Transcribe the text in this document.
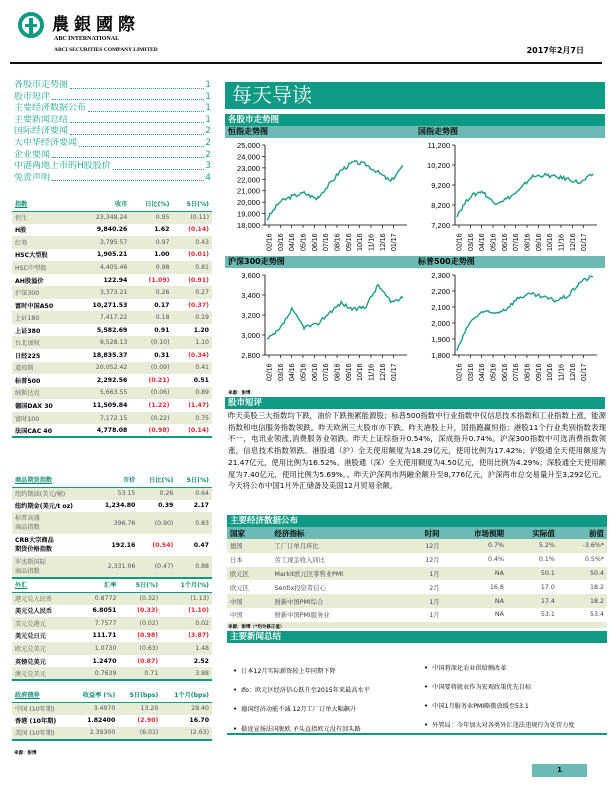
農銀國際
ABC INTERNATIONAL
ABCI SECURITIES COMPANY LIMITED	2017年2月7日
各股市走势图	1
股市短评	1
主要经济数据公布	1
主要新闻总结	1
国际经济要闻	2
大中华经济要闻	2
企业要闻	2
中港两地上市的H股股价	3
免责声明	4
指数	收市	日比(%)	5日(%)
恒生	23,348.24	0.95	(0.11)
H股	9,840.26	1.62	(0.14)
红筹	3,795.57	0.97	0.43
HSC大型股	1,905.21	1.00	(0.01)
HSC中型股	4,405.46	0.98	0.81
AH股溢价	122.94	(1.09)	(0.91)
沪深300	3,373.21	0.26	0.27
富时中国A50	10,271.53	0.17	(0.37)
上证180	7,417.22	0.18	0.19
上证380	5,582.69	0.91	1.20
台北加权	9,528.13	(0.10)	1.10
日经225	18,835.37	0.31	(0.34)
道琼斯	20,052.42	(0.09)	0.41
标普500	2,292.56	(0.21)	0.51
纳斯达克	5,663.55	(0.06)	0.89
德国DAX 30	11,509.84	(1.22)	(1.47)
富时100	7,172.15	(0.22)	0.75
法国CAC 40	4,778.08	(0.98)	(0.14)
商品期货指数	市价	日比(%)	5日(%)
纽约期油(美元/桶)	53.15	0.26	0.64
纽约期金(美元/t oz)	1,234.80	0.39	2.17
标普高盛
商品指数	396.76	(0.90)	0.83
CRB大宗商品
期货价格指数	192.16	(0.54)	0.47
罗杰斯国际
商品指数	2,331.06	(0.47)	0.88
外汇	汇率	5日(%)	1个月(%)
港元兑人民币	0.8772	(0.32)	(1.13)
美元兑人民币	6.8051	(0.33)	(1.10)
美元兑港元	7.7577	(0.02)	0.02
美元兑日元	111.71	(0.98)	(3.87)
欧元兑美元	1.0730	(0.63)	1.48
英镑兑美元	1.2470	(0.87)	2.52
澳元兑美元	0.7639	0.71	3.88
政府债券	收益率 (%)	5日(bps)	1个月(bps)
中国 (10年期)	3.4970	13.20	28.40
香港 (10年期)	1.82400	(2.90)	16.70
美国 (10年期)	2.39300	(6.01)	(2.63)
来源：彭博
每天导读
各股市走势图
恒指走势图	国指走势图
18,000
19,000
20,000
21,000
22,000
23,000
24,000
25,000
02/16 03/16 04/16 05/16 06/16 07/16 08/16 09/16 10/16 11/16 12/16 01/17
7,200
8,200
9,200
10,200
11,200
02/16 03/16 04/16 05/16 06/16 07/16 08/16 09/16 10/16 11/16 12/16 01/17
沪深300走势图	标普500走势图
2,800
3,000
3,200
3,400
3,600
02/16 03/16 04/16 05/16 06/16 07/16 08/16 09/16 10/16 11/16 12/16 01/17
1,800
1,900
2,000
2,100
2,200
2,300
02/16 03/16 04/16 05/16 06/16 07/16 08/16 09/16 10/16 11/16 12/16 01/17
来源：彭博
股市短评
昨天美股三大指数均下跌，油价下跌拖累能源股；标普500指数中行业指数中仅信息技术指数和工业指数上涨，能源指数和电信服务指数领跌。昨天欧洲三大股市亦下跌。昨天港股上升，国指跑赢恒指；港股11个行业类别指数表现不一，电讯业领涨,消费服务业领跌。昨天上证综指升0.54%，深成指升0.74%。沪深300指数中可选消费指数领涨，信息技术指数领跌。港股通（沪）全天使用额度为18.29亿元，使用比例为17.42%；沪股通全天使用额度为21.47亿元，使用比例为16.52%。港股通（深）全天使用额度为4.50亿元，使用比例为4.29%；深股通全天使用额度为7.40亿元，使用比例为5.69%。。昨天沪深两市两融余额升至8,776亿元，沪深两市总交易量升至3,292亿元。今天将公布中国1月外汇储备及美国12月贸易余额。
主要经济数据公布
国家	经济指标	时间	市场预期	实际值	前值
德国	工厂订单月环比	12月	0.7%	5.2%	-3.6%*
日本	劳工现金收入同比	12月	0.4%	0.1%	0.5%*
欧元区	Markit欧元区零售业PMI	1月	NA	50.1	50.4
欧元区	Sentix投资者信心	2月	16.8	17.0	18.2
中国	财新中国PMI综合	1月	NA	17.4	18.2
中国	财新中国PMI服务业	1月	NA	53.1	53.4

来源：彭博（*均为修正值）
主要新闻总结
• 日本12月实际薪资较上年同期下降
• Ifo：欧元区经济信心跃升至2015年来最高水平
• 德国经济动能不减 12月工厂订单大幅飙升
• 勒庞宣扬法国脱欧 矛头直指欧元没有回头路
• 中国将深化农业供给侧改革
• 中国要将就业作为宏观政策优先目标
• 中国1月服务业PMI略微放缓至53.1
• 外管局：今年加大对各类外汇违法违规行为处罚力度
1
